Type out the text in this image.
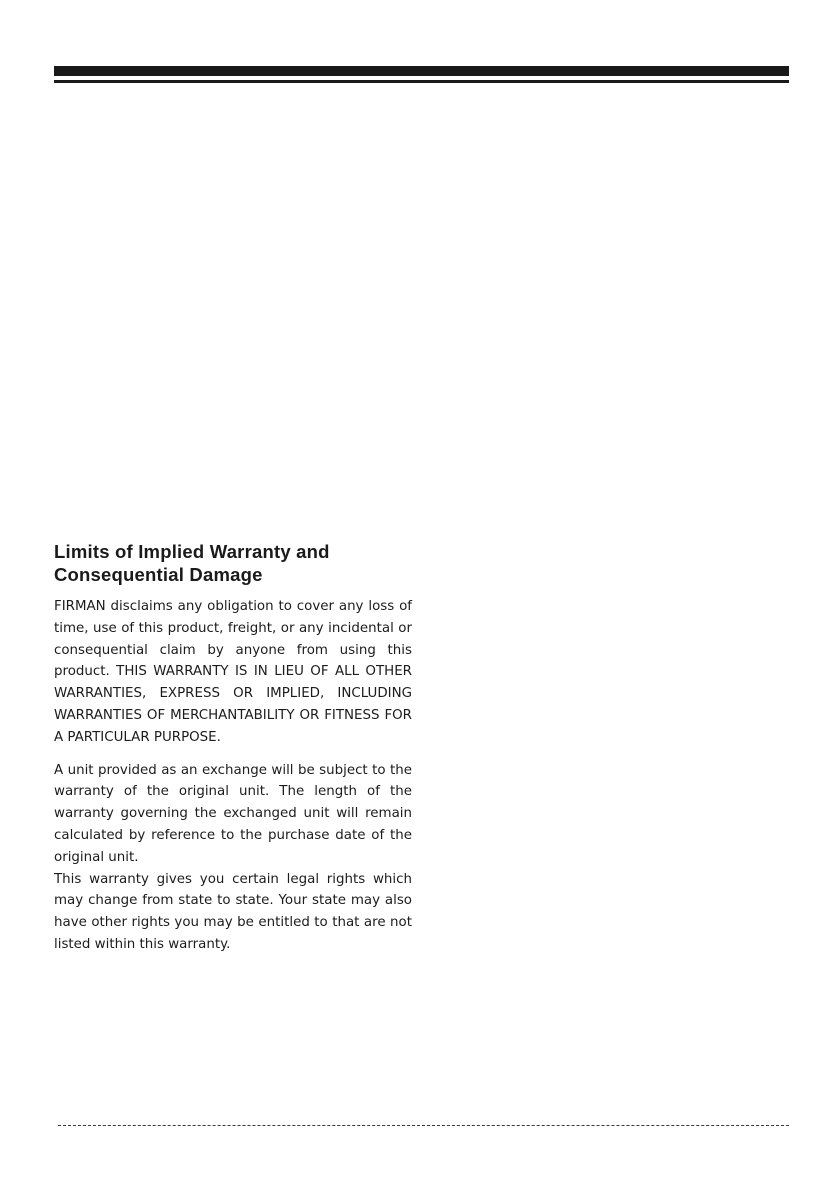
Limits of Implied Warranty and
Consequential Damage

FIRMAN disclaims any obligation to cover any loss of time, use of this product, freight, or any incidental or consequential claim by anyone from using this product. THIS WARRANTY IS IN LIEU OF ALL OTHER WARRANTIES, EXPRESS OR IMPLIED, INCLUDING WARRANTIES OF MERCHANTABILITY OR FITNESS FOR A PARTICULAR PURPOSE.

A unit provided as an exchange will be subject to the warranty of the original unit. The length of the warranty governing the exchanged unit will remain calculated by reference to the purchase date of the original unit.

This warranty gives you certain legal rights which may change from state to state. Your state may also have other rights you may be entitled to that are not listed within this warranty.
